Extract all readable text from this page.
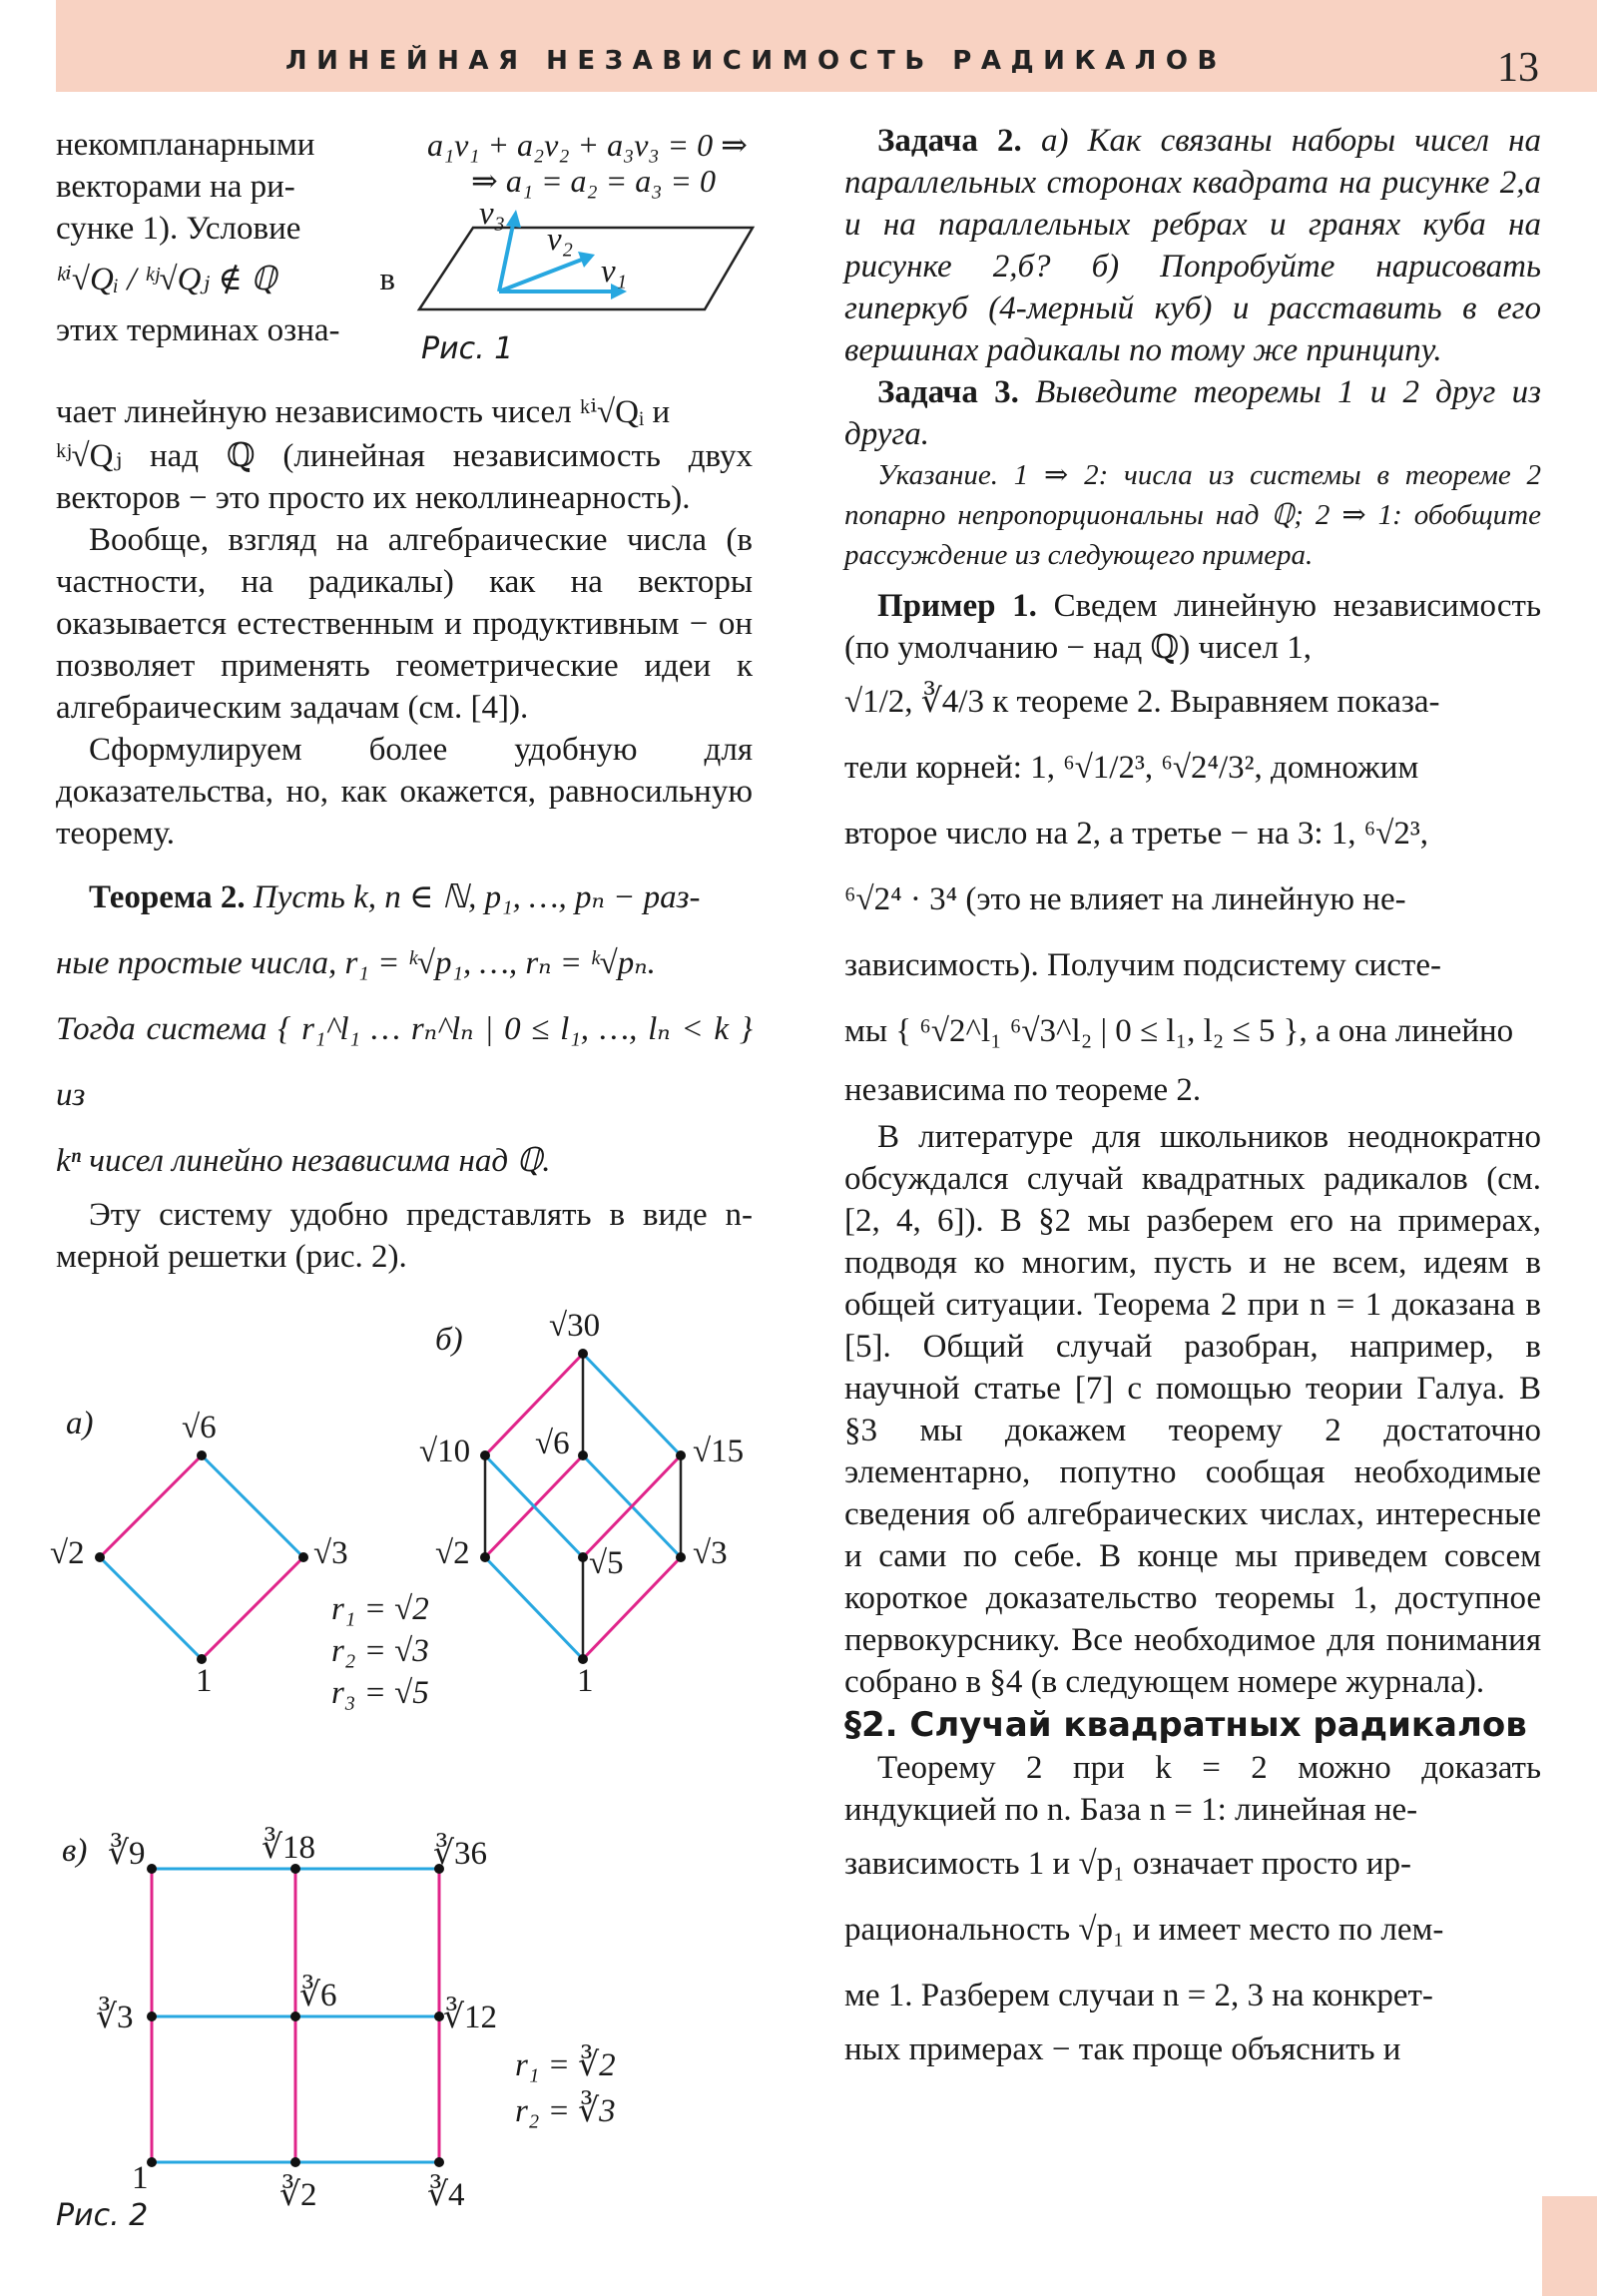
ЛИНЕЙНАЯ НЕЗАВИСИМОСТЬ РАДИКАЛОВ	13
a₁v₁ + a₂v₂ + a₃v₃ = 0 ⇒
⇒ a₁ = a₂ = a₃ = 0
v₃
v₂
v₁
Рис. 1

некомпланарными

векторами на ри-

сунке 1). Условие

ᵏⁱ√Qᵢ / ᵏʲ√Qⱼ ∉ ℚ	в

этих терминах озна-

чает линейную независимость чисел ᵏⁱ√Qᵢ и

ᵏʲ√Qⱼ над ℚ (линейная независимость двух векторов − это просто их неколлинеарность).

Вообще, взгляд на алгебраические числа (в частности, на радикалы) как на векторы оказывается естественным и продуктивным − он позволяет применять геометрические идеи к алгебраическим задачам (см. [4]).

Сформулируем более удобную для доказательства, но, как окажется, равносильную теорему.

Теорема 2. Пусть k, n ∈ ℕ, p₁, …, pₙ − раз-

ные простые числа, r₁ = ᵏ√p₁, …, rₙ = ᵏ√pₙ.

Тогда система { r₁^l₁ … rₙ^lₙ | 0 ≤ l₁, …, lₙ < k } из

kⁿ чисел линейно независима над ℚ.

Эту систему удобно представлять в виде n-мерной решетки (рис. 2).

а)
б)
в)
√6
√2	√3
1
√30
√10 √6	√15
√2	√5 √3
1
r₁ = √2
r₂ = √3
r₃ = √5
∛9	∛18	∛36
∛3
∛6
∛12
1	∛2	∛4
r₁ = ∛2
r₂ = ∛3
Рис. 2

Задача 2. а) Как связаны наборы чисел на параллельных сторонах квадрата на рисунке 2,а и на параллельных ребрах и гранях куба на рисунке 2,б? б) Попробуйте нарисовать гиперкуб (4-мерный куб) и расставить в его вершинах радикалы по тому же принципу.

Задача 3. Выведите теоремы 1 и 2 друг из друга.

Указание. 1 ⇒ 2: числа из системы в теореме 2 попарно непропорциональны над ℚ; 2 ⇒ 1: обобщите рассуждение из следующего примера.

Пример 1. Сведем линейную независимость (по умолчанию − над ℚ) чисел 1,

√1/2, ∛4/3 к теореме 2. Выравняем показа-

тели корней: 1, ⁶√1/2³, ⁶√2⁴/3², домножим

второе число на 2, а третье − на 3: 1, ⁶√2³,

⁶√2⁴ · 3⁴ (это не влияет на линейную не-

зависимость). Получим подсистему систе-

мы { ⁶√2^l₁ ⁶√3^l₂ | 0 ≤ l₁, l₂ ≤ 5 }, а она линейно

независима по теореме 2.

В литературе для школьников неоднократно обсуждался случай квадратных радикалов (см. [2, 4, 6]). В §2 мы разберем его на примерах, подводя ко многим, пусть и не всем, идеям в общей ситуации. Теорема 2 при n = 1 доказана в [5]. Общий случай разобран, например, в научной статье [7] с помощью теории Галуа. В §3 мы докажем теорему 2 достаточно элементарно, попутно сообщая необходимые сведения об алгебраических числах, интересные и сами по себе. В конце мы приведем совсем короткое доказательство теоремы 1, доступное первокурснику. Все необходимое для понимания собрано в §4 (в следующем номере журнала).

§2. Случай квадратных радикалов

Теорему 2 при k = 2 можно доказать индукцией по n. База n = 1: линейная не-

зависимость 1 и √p₁ означает просто ир-

рациональность √p₁ и имеет место по лем-

ме 1. Разберем случаи n = 2, 3 на конкрет-

ных примерах − так проще объяснить и
